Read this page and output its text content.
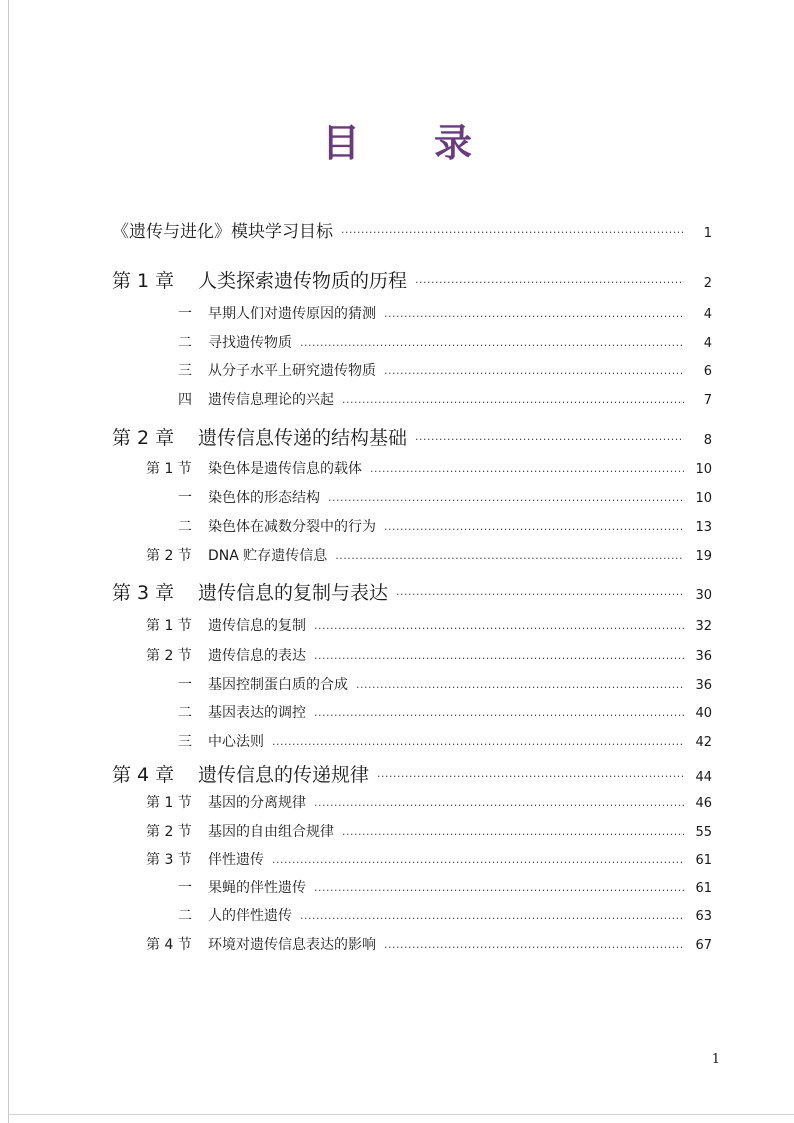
目 录
《遗传与进化》模块学习目标 ·····	1
第 1 章	人类探索遗传物质的历程 ·····	2
一	早期人们对遗传原因的猜测 ·····	4
二	寻找遗传物质 ·····	4
三	从分子水平上研究遗传物质 ·····	6
四	遗传信息理论的兴起 ·····	7
第 2 章	遗传信息传递的结构基础 ·····	8
第 1 节	染色体是遗传信息的载体 ·····	10
一	染色体的形态结构 ·····	10
二	染色体在减数分裂中的行为 ·····	13
第 2 节	DNA 贮存遗传信息 ·····	19
第 3 章	遗传信息的复制与表达 ·····	30
第 1 节	遗传信息的复制 ·····	32
第 2 节	遗传信息的表达 ·····	36
一	基因控制蛋白质的合成 ·····	36
二	基因表达的调控 ·····	40
三	中心法则 ·····	42
第 4 章	遗传信息的传递规律 ·····	44
第 1 节	基因的分离规律 ·····	46
第 2 节	基因的自由组合规律 ·····	55
第 3 节	伴性遗传 ·····	61
一	果蝇的伴性遗传 ·····	61
二	人的伴性遗传 ·····	63
第 4 节	环境对遗传信息表达的影响 ·····	67
1
